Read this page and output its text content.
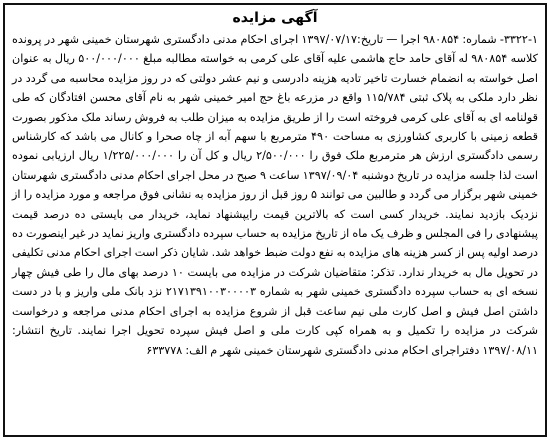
آگهی مزایده

۳۳۲۲-۱- شماره: ۹۸۰۸۵۴ اجرا — تاریخ:۱۳۹۷/۰۷/۱۷ اجرای احکام مدنی دادگستری شهرستان خمینی شهر در پرونده کلاسه ۹۸۰۸۵۴ له آقای حامد حاج هاشمی علیه آقای علی کرمی به خواسته مطالبه مبلغ ۵۰۰/۰۰۰/۰۰۰ ریال به عنوان اصل خواسته به انضمام خسارت تاخیر تادیه هزینه دادرسی و نیم عشر دولتی که در روز مزایده محاسبه می گردد در نظر دارد ملکی به پلاک ثبتی ۱۱۵/۷۸۴ واقع در مزرعه باغ حج امیر خمینی شهر به نام آقای محسن افتادگان که طی قولنامه ای به آقای علی کرمی فروخته است را از طریق مزایده به میزان طلب به فروش رساند ملک مذکور بصورت قطعه زمینی با کاربری کشاورزی به مساحت ۴۹۰ مترمربع با سهم آبه از چاه صحرا و کانال می باشد که کارشناس رسمی دادگستری ارزش هر مترمربع ملک فوق را ۲/۵۰۰/۰۰۰ ریال و کل آن را ۱/۲۲۵/۰۰۰/۰۰۰ ریال ارزیابی نموده است لذا جلسه مزایده در تاریخ دوشنبه ۱۳۹۷/۰۹/۰۴ ساعت ۹ صبح در محل اجرای احکام مدنی دادگستری شهرستان خمینی شهر برگزار می گردد و طالبین می توانند ۵ روز قبل از روز مزایده به نشانی فوق مراجعه و مورد مزایده را از نزدیک بازدید نمایند. خریدار کسی است که بالاترین قیمت رایپشنهاد نماید، خریدار می بایستی ده درصد قیمت پیشنهادی را فی المجلس و ظرف یک ماه از تاریخ مزایده به حساب سپرده دادگستری واریز نماید در غیر اینصورت ده درصد اولیه پس از کسر هزینه های مزایده به نفع دولت ضبط خواهد شد. شایان ذکر است اجرای احکام مدنی تکلیفی در تحویل مال به خریدار ندارد. تذکر: متقاضیان شرکت در مزایده می بایست ۱۰ درصد بهای مال را طی فیش چهار نسخه ای به حساب سپرده دادگستری خمینی شهر به شماره ۲۱۷۱۳۹۱۰۰۳۰۰۰۰۳ نزد بانک ملی واریز و با در دست داشتن اصل فیش و اصل کارت ملی نیم ساعت قبل از شروع مزایده به اجرای احکام مدنی مراجعه و درخواست شرکت در مزایده را تکمیل و به همراه کپی کارت ملی و اصل فیش سپرده تحویل اجرا نمایند. تاریخ انتشار: ۱۳۹۷/۰۸/۱۱ دفتراجرای احکام مدنی دادگستری شهرستان خمینی شهر م الف: ۶۳۳۷۷۸
